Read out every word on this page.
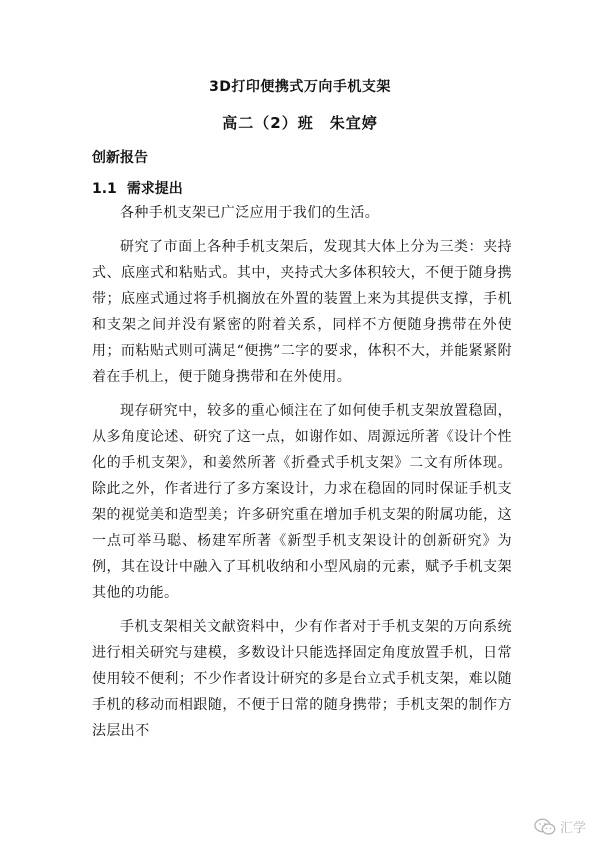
3D打印便携式万向手机支架
高二（2）班　朱宜婷
创新报告
1.1 需求提出

各种手机支架已广泛应用于我们的生活。

研究了市面上各种手机支架后，发现其大体上分为三类：夹持式、底座式和粘贴式。其中，夹持式大多体积较大，不便于随身携带；底座式通过将手机搁放在外置的装置上来为其提供支撑，手机和支架之间并没有紧密的附着关系，同样不方便随身携带在外使用；而粘贴式则可满足“便携”二字的要求，体积不大，并能紧紧附着在手机上，便于随身携带和在外使用。

现存研究中，较多的重心倾注在了如何使手机支架放置稳固，从多角度论述、研究了这一点，如谢作如、周源远所著《设计个性化的手机支架》，和姜然所著《折叠式手机支架》二文有所体现。除此之外，作者进行了多方案设计，力求在稳固的同时保证手机支架的视觉美和造型美；许多研究重在增加手机支架的附属功能，这一点可举马聪、杨建军所著《新型手机支架设计的创新研究》为例，其在设计中融入了耳机收纳和小型风扇的元素，赋予手机支架其他的功能。

手机支架相关文献资料中，少有作者对于手机支架的万向系统进行相关研究与建模，多数设计只能选择固定角度放置手机，日常使用较不便利；不少作者设计研究的多是台立式手机支架，难以随手机的移动而相跟随，不便于日常的随身携带；手机支架的制作方法层出不

汇学
